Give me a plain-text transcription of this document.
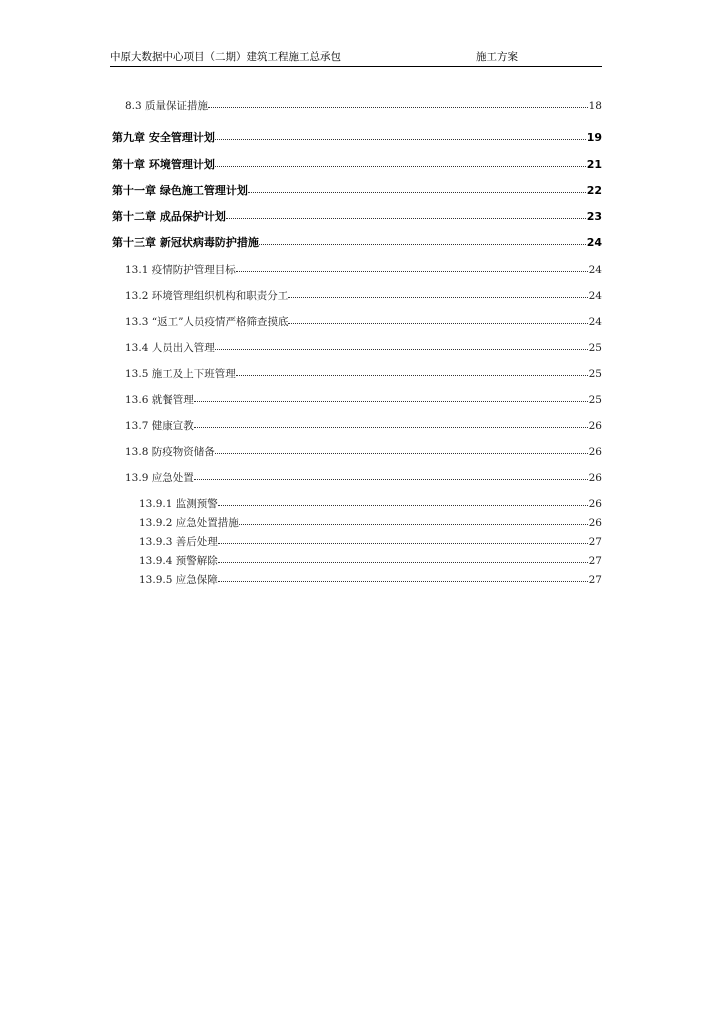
中原大数据中心项目（二期）建筑工程施工总承包	施工方案
8.3 质量保证措施	18
第九章 安全管理计划	19
第十章 环境管理计划	21
第十一章 绿色施工管理计划	22
第十二章 成品保护计划	23
第十三章 新冠状病毒防护措施	24
13.1 疫情防护管理目标	24
13.2 环境管理组织机构和职责分工	24
13.3 “返工”人员疫情严格筛查摸底	24
13.4 人员出入管理	25
13.5 施工及上下班管理	25
13.6 就餐管理	25
13.7 健康宣教	26
13.8 防疫物资储备	26
13.9 应急处置	26
13.9.1 监测预警	26
13.9.2 应急处置措施	26
13.9.3 善后处理	27
13.9.4 预警解除	27
13.9.5 应急保障	27
